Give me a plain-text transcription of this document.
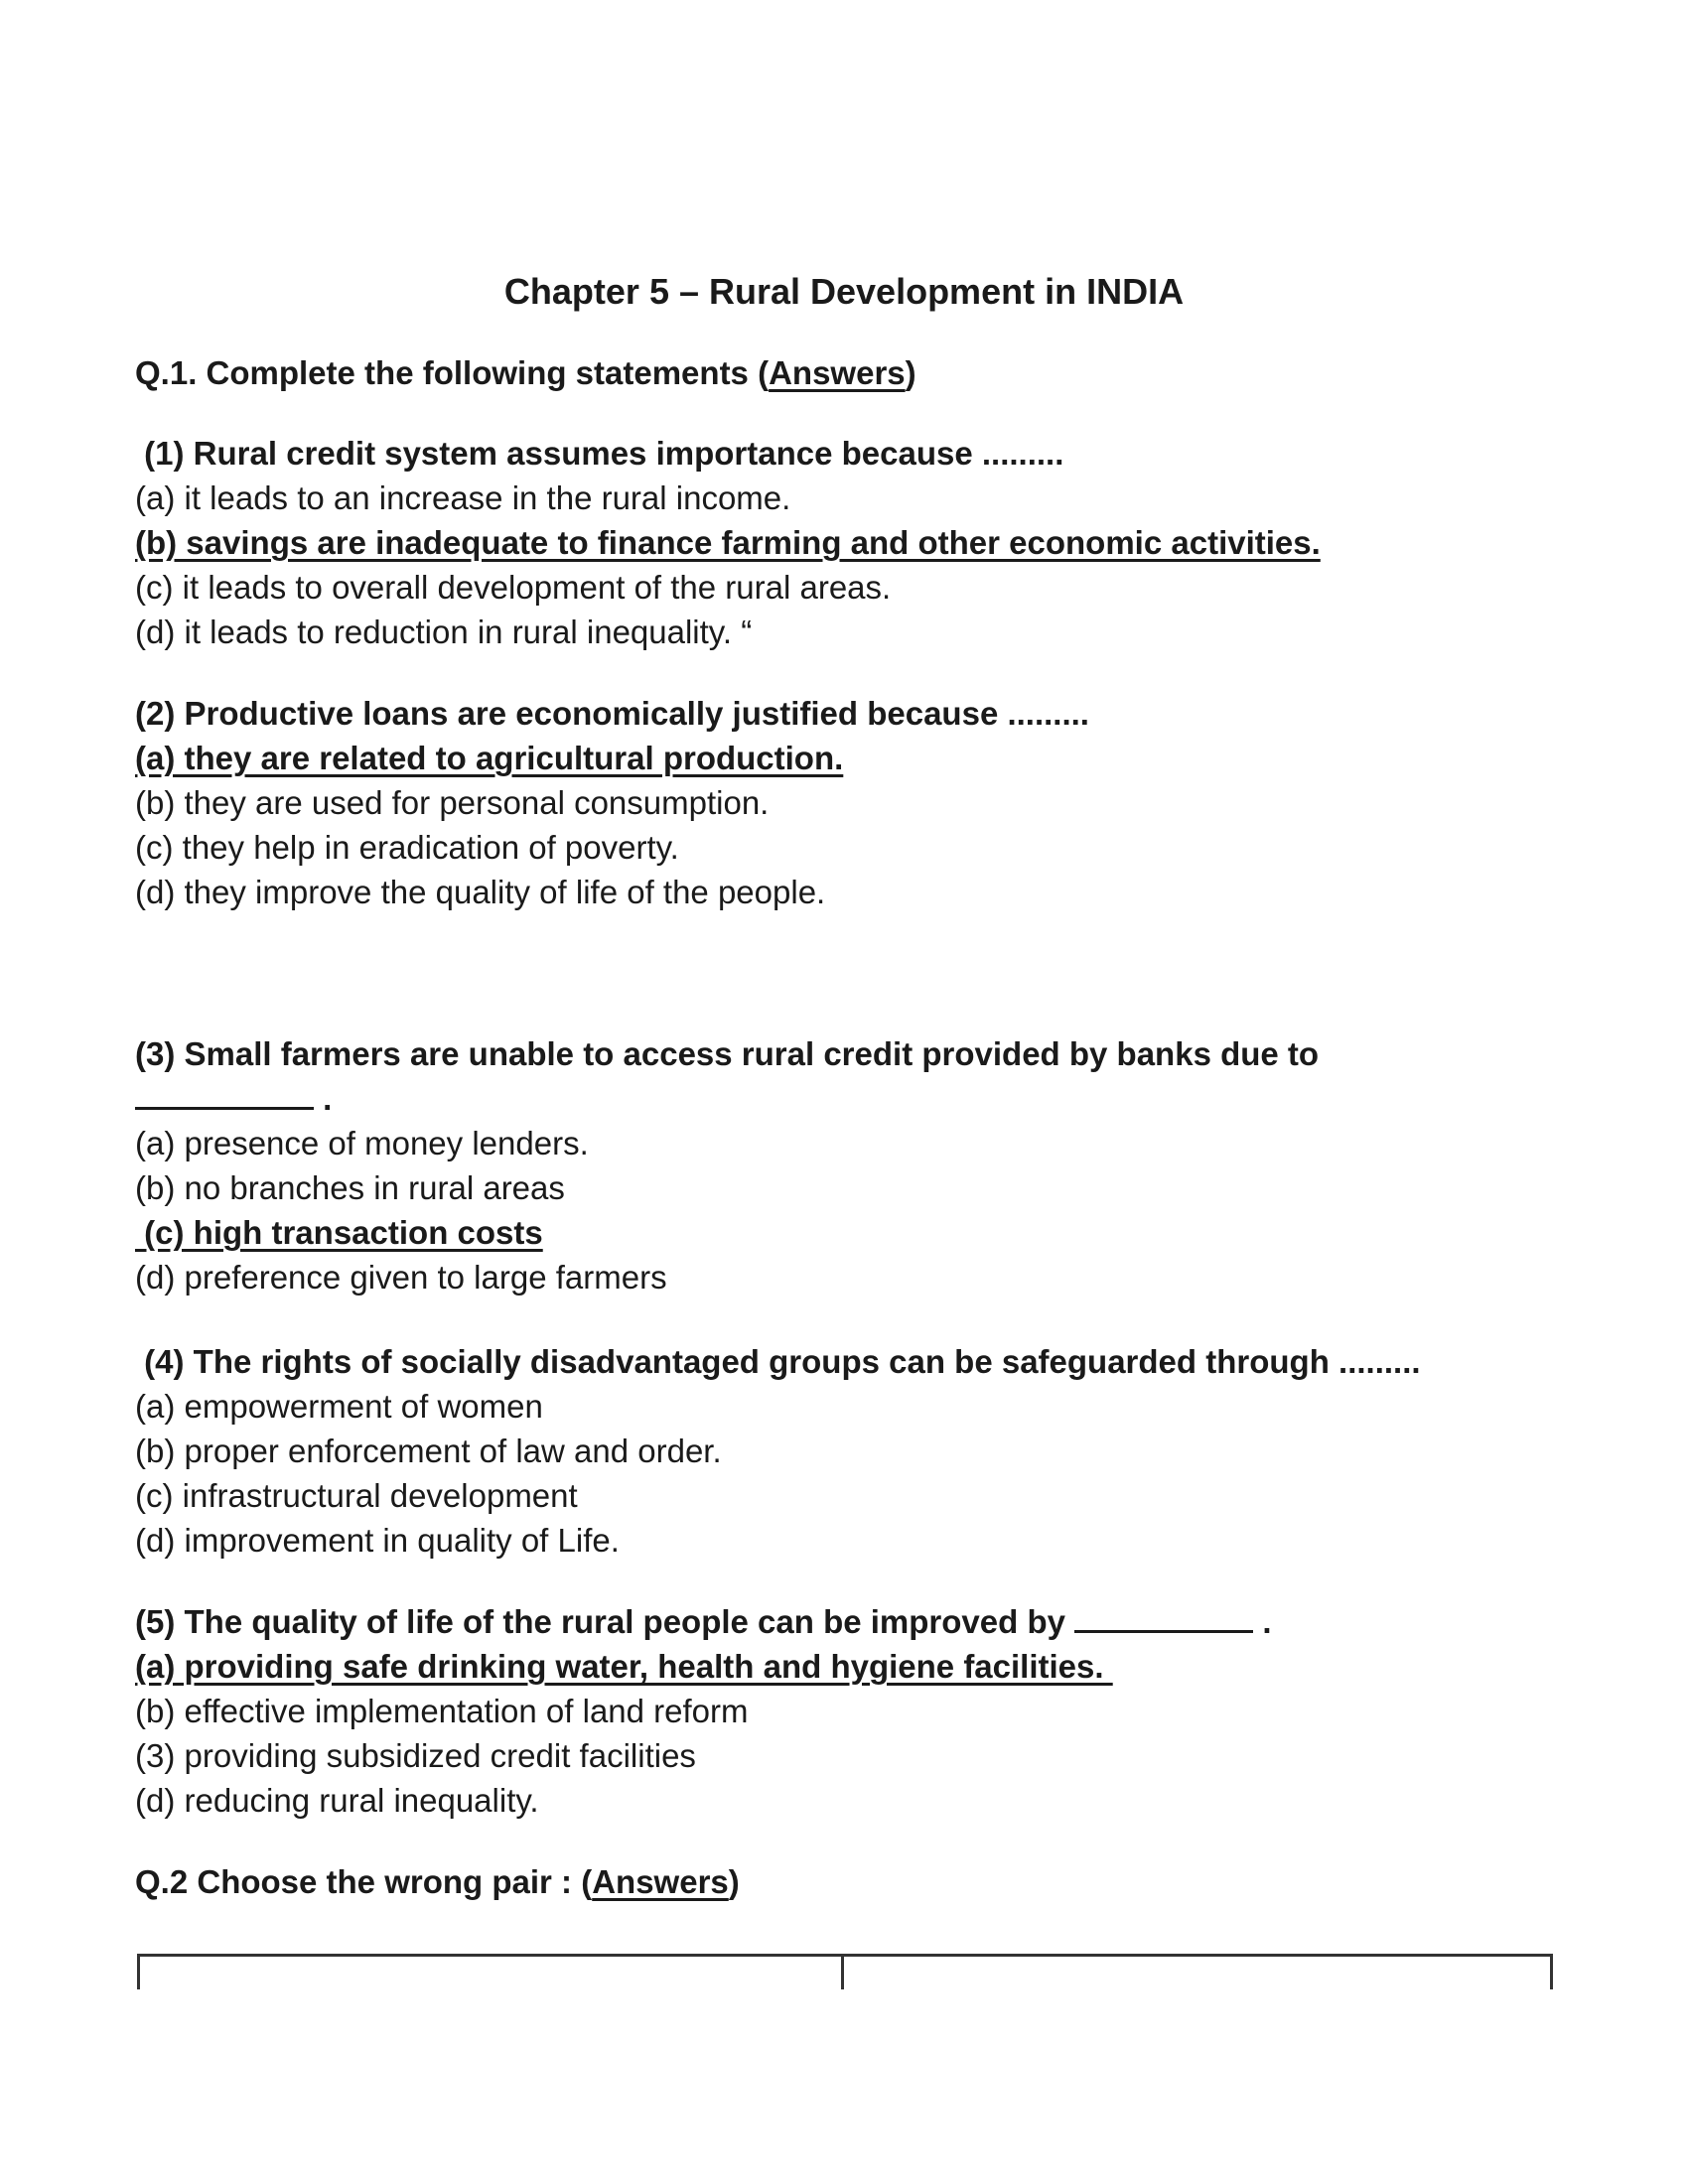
Chapter 5 – Rural Development in INDIA
Q.1. Complete the following statements (Answers)
(1) Rural credit system assumes importance because .........
(a) it leads to an increase in the rural income.
(b) savings are inadequate to finance farming and other economic activities.
(c) it leads to overall development of the rural areas.
(d) it leads to reduction in rural inequality. “
(2) Productive loans are economically justified because .........
(a) they are related to agricultural production.
(b) they are used for personal consumption.
(c) they help in eradication of poverty.
(d) they improve the quality of life of the people.
(3) Small farmers are unable to access rural credit provided by banks due to
.
(a) presence of money lenders.
(b) no branches in rural areas
(c) high transaction costs
(d) preference given to large farmers
(4) The rights of socially disadvantaged groups can be safeguarded through .........
(a) empowerment of women
(b) proper enforcement of law and order.
(c) infrastructural development
(d) improvement in quality of Life.
(5) The quality of life of the rural people can be improved by	.
(a) providing safe drinking water, health and hygiene facilities.
(b) effective implementation of land reform
(3) providing subsidized credit facilities
(d) reducing rural inequality.
Q.2 Choose the wrong pair : (Answers)
